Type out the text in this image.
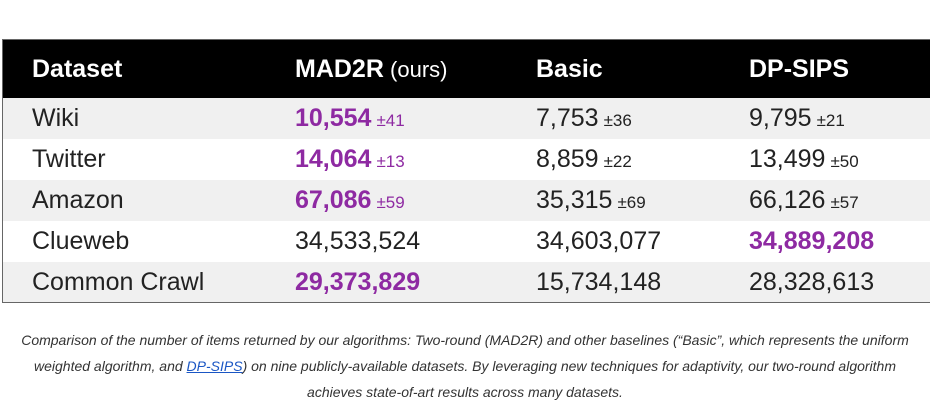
Dataset	MAD2R (ours)	Basic	DP-SIPS
Wiki	10,554 ±41	7,753 ±36	9,795 ±21
Twitter	14,064 ±13	8,859 ±22	13,499 ±50
Amazon	67,086 ±59	35,315 ±69	66,126 ±57
Clueweb	34,533,524	34,603,077	34,889,208
Common Crawl	29,373,829	15,734,148	28,328,613
Comparison of the number of items returned by our algorithms: Two-round (MAD2R) and other baselines (“Basic”, which represents the uniform
weighted algorithm, and DP-SIPS) on nine publicly-available datasets. By leveraging new techniques for adaptivity, our two-round algorithm
achieves state-of-art results across many datasets.
